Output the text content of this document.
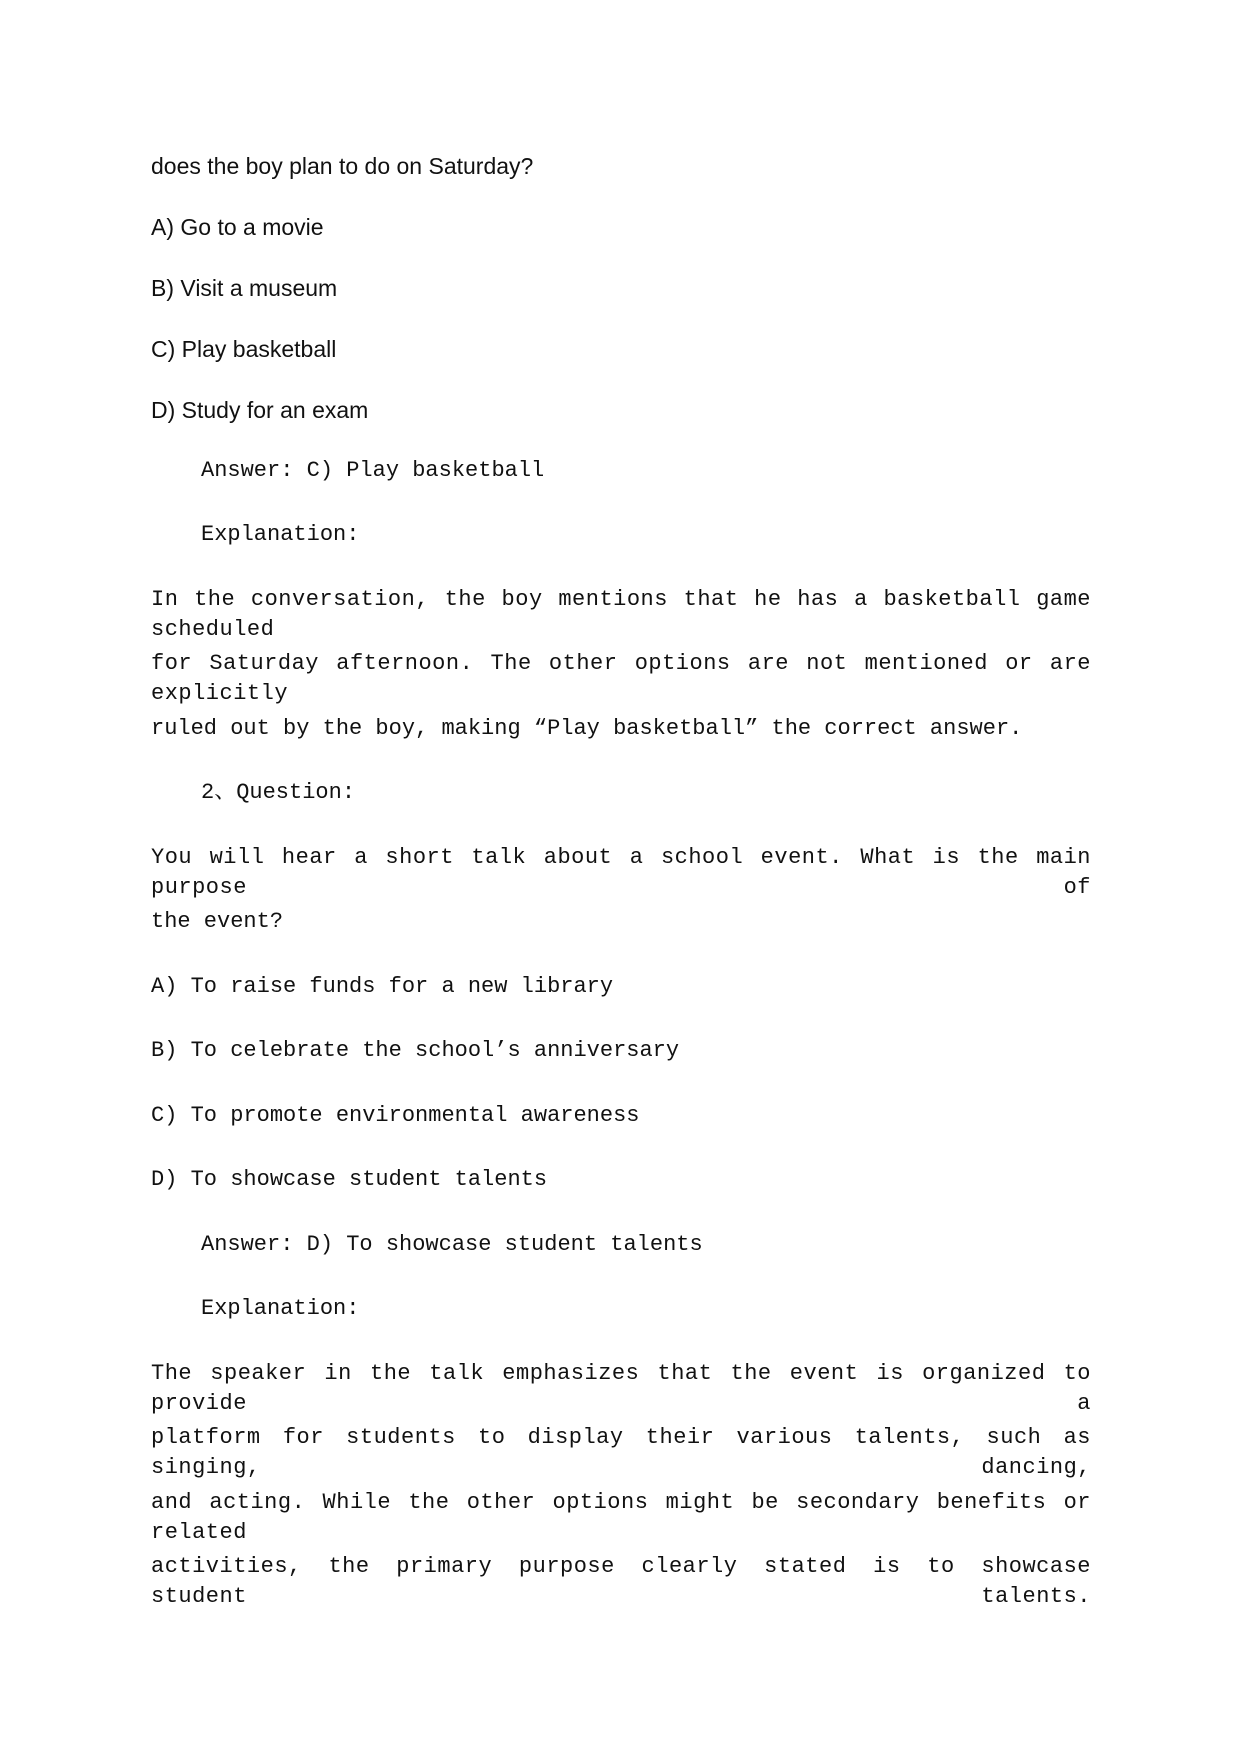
does the boy plan to do on Saturday?
A) Go to a movie
B) Visit a museum
C) Play basketball
D) Study for an exam
Answer: C) Play basketball
Explanation:
In the conversation, the boy mentions that he has a basketball game scheduled
for Saturday afternoon. The other options are not mentioned or are explicitly
ruled out by the boy, making “Play basketball” the correct answer.
2、Question:
You will hear a short talk about a school event. What is the main purpose of
the event?
A) To raise funds for a new library
B) To celebrate the school’s anniversary
C) To promote environmental awareness
D) To showcase student talents
Answer: D) To showcase student talents
Explanation:
The speaker in the talk emphasizes that the event is organized to provide a
platform for students to display their various talents, such as singing, dancing,
and acting. While the other options might be secondary benefits or related
activities, the primary purpose clearly stated is to showcase student talents.
